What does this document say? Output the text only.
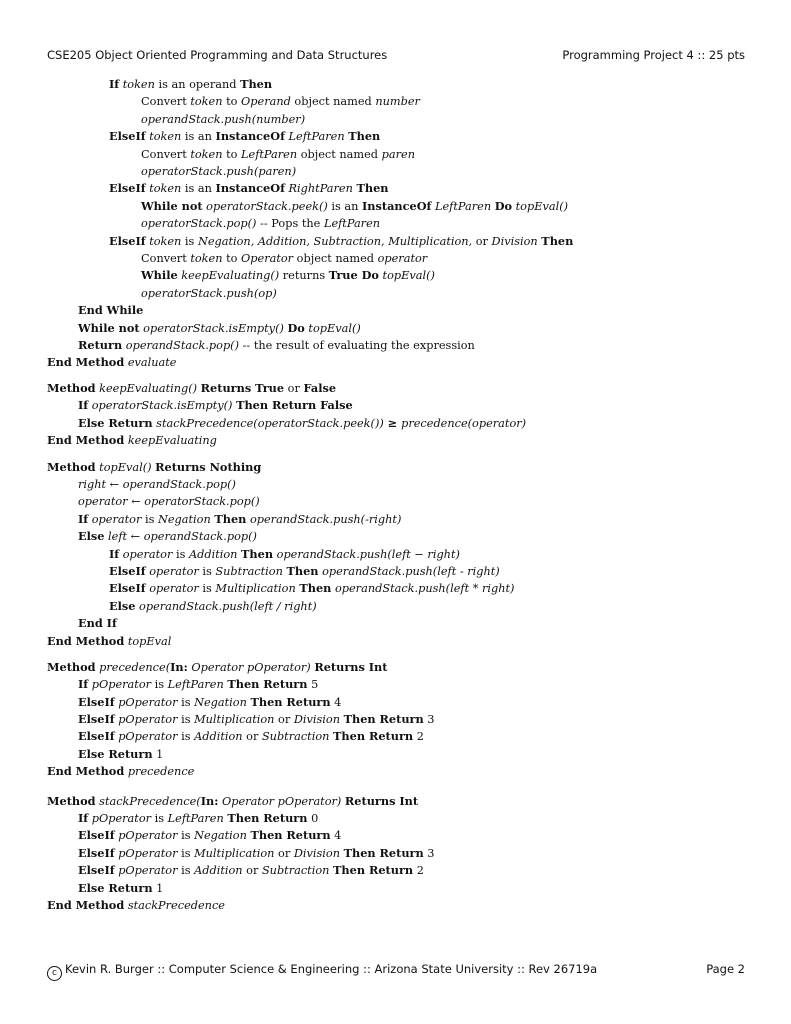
CSE205 Object Oriented Programming and Data Structures	Programming Project 4 :: 25 pts
If token is an operand Then
Convert token to Operand object named number
operandStack.push(number)
ElseIf token is an InstanceOf LeftParen Then
Convert token to LeftParen object named paren
operatorStack.push(paren)
ElseIf token is an InstanceOf RightParen Then
While not operatorStack.peek() is an InstanceOf LeftParen Do topEval()
operatorStack.pop() -- Pops the LeftParen
ElseIf token is Negation, Addition, Subtraction, Multiplication, or Division Then
Convert token to Operator object named operator
While keepEvaluating() returns True Do topEval()
operatorStack.push(op)
End While
While not operatorStack.isEmpty() Do topEval()
Return operandStack.pop() -- the result of evaluating the expression
End Method evaluate
Method keepEvaluating() Returns True or False
If operatorStack.isEmpty() Then Return False
Else Return stackPrecedence(operatorStack.peek()) ≥ precedence(operator)
End Method keepEvaluating
Method topEval() Returns Nothing
right ← operandStack.pop()
operator ← operatorStack.pop()
If operator is Negation Then operandStack.push(-right)
Else left ← operandStack.pop()
If operator is Addition Then operandStack.push(left − right)
ElseIf operator is Subtraction Then operandStack.push(left - right)
ElseIf operator is Multiplication Then operandStack.push(left * right)
Else operandStack.push(left / right)
End If
End Method topEval
Method precedence(In: Operator pOperator) Returns Int
If pOperator is LeftParen Then Return 5
ElseIf pOperator is Negation Then Return 4
ElseIf pOperator is Multiplication or Division Then Return 3
ElseIf pOperator is Addition or Subtraction Then Return 2
Else Return 1
End Method precedence
Method stackPrecedence(In: Operator pOperator) Returns Int
If pOperator is LeftParen Then Return 0
ElseIf pOperator is Negation Then Return 4
ElseIf pOperator is Multiplication or Division Then Return 3
ElseIf pOperator is Addition or Subtraction Then Return 2
Else Return 1
End Method stackPrecedence
c Kevin R. Burger :: Computer Science & Engineering :: Arizona State University :: Rev 26719a	Page 2
